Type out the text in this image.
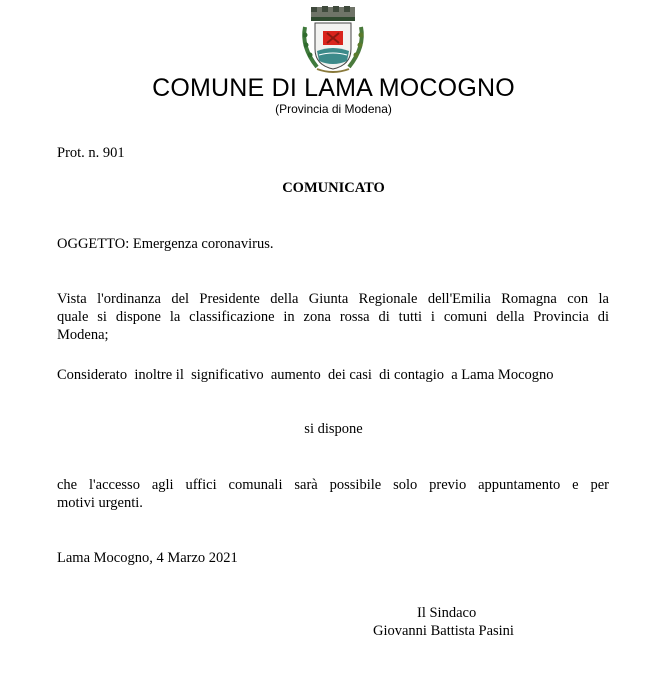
COMUNE DI LAMA MOCOGNO
(Provincia di Modena)
Prot. n. 901
COMUNICATO
OGGETTO: Emergenza coronavirus.
Vista l'ordinanza del Presidente della Giunta Regionale dell'Emilia Romagna con la
quale si dispone la classificazione in zona rossa di tutti i comuni della Provincia di
Modena;
Considerato  inoltre il  significativo  aumento  dei casi  di contagio  a Lama Mocogno
si dispone
che l'accesso agli uffici comunali sarà possibile solo previo appuntamento e per
motivi urgenti.
Lama Mocogno, 4 Marzo 2021
Il Sindaco
Giovanni Battista Pasini
